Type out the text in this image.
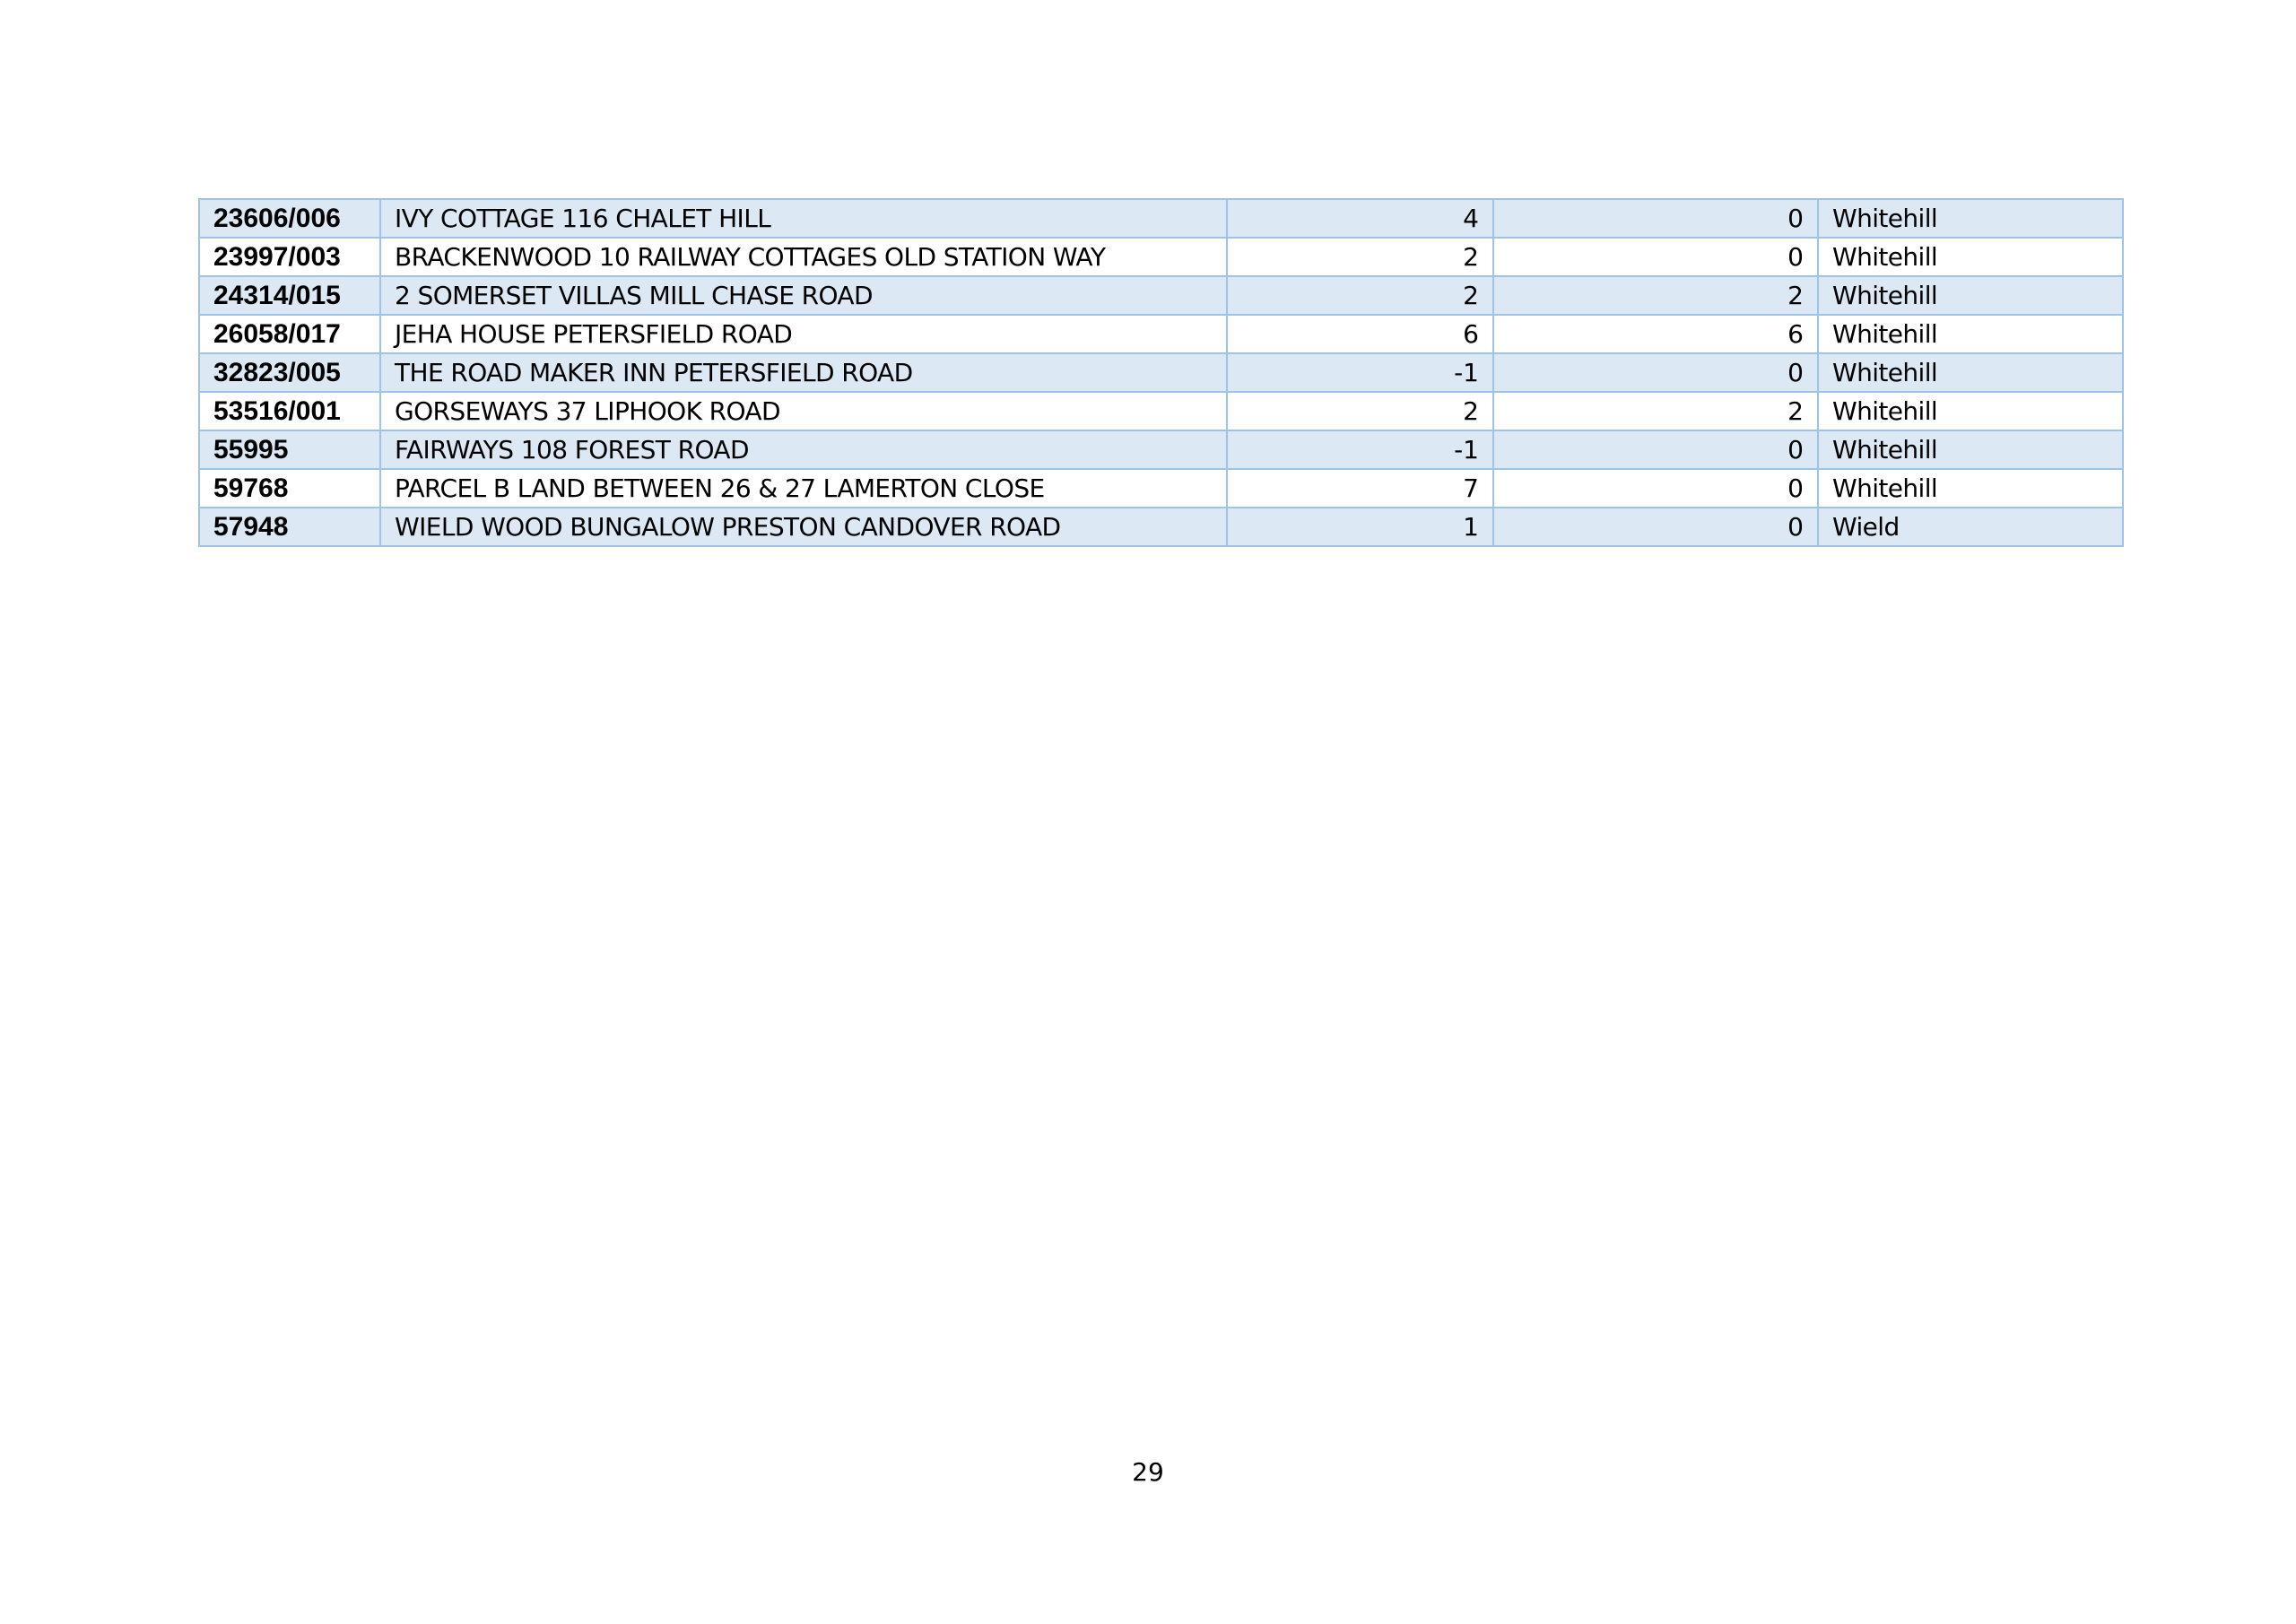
23606/006	IVY COTTAGE 116 CHALET HILL	4	0	Whitehill
23997/003	BRACKENWOOD 10 RAILWAY COTTAGES OLD STATION WAY	2	0	Whitehill
24314/015	2 SOMERSET VILLAS MILL CHASE ROAD	2	2	Whitehill
26058/017	JEHA HOUSE PETERSFIELD ROAD	6	6	Whitehill
32823/005	THE ROAD MAKER INN PETERSFIELD ROAD	-1	0	Whitehill
53516/001	GORSEWAYS 37 LIPHOOK ROAD	2	2	Whitehill
55995	FAIRWAYS 108 FOREST ROAD	-1	0	Whitehill
59768	PARCEL B LAND BETWEEN 26 & 27 LAMERTON CLOSE	7	0	Whitehill
57948	WIELD WOOD BUNGALOW PRESTON CANDOVER ROAD	1	0	Wield
29
